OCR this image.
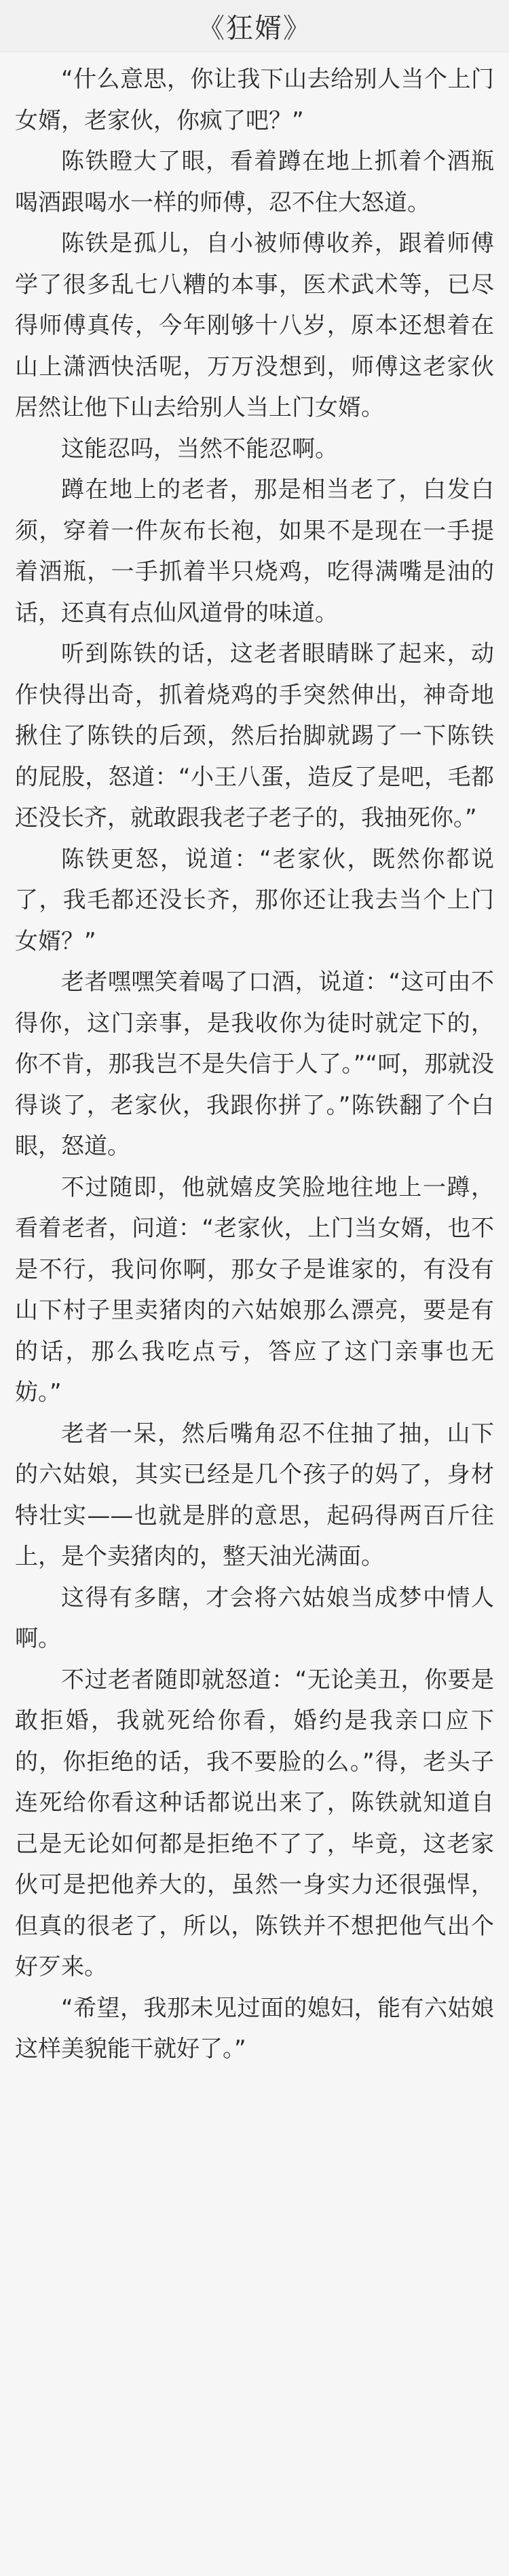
《狂婿》

“什么意思，你让我下山去给别人当个上门女婿，老家伙，你疯了吧？”

陈铁瞪大了眼，看着蹲在地上抓着个酒瓶喝酒跟喝水一样的师傅，忍不住大怒道。

陈铁是孤儿，自小被师傅收养，跟着师傅学了很多乱七八糟的本事，医术武术等，已尽得师傅真传，今年刚够十八岁，原本还想着在山上潇洒快活呢，万万没想到，师傅这老家伙居然让他下山去给别人当上门女婿。

这能忍吗，当然不能忍啊。

蹲在地上的老者，那是相当老了，白发白须，穿着一件灰布长袍，如果不是现在一手提着酒瓶，一手抓着半只烧鸡，吃得满嘴是油的话，还真有点仙风道骨的味道。

听到陈铁的话，这老者眼睛眯了起来，动作快得出奇，抓着烧鸡的手突然伸出，神奇地揪住了陈铁的后颈，然后抬脚就踢了一下陈铁的屁股，怒道：“小王八蛋，造反了是吧，毛都还没长齐，就敢跟我老子老子的，我抽死你。”

陈铁更怒，说道：“老家伙，既然你都说了，我毛都还没长齐，那你还让我去当个上门女婿？”

老者嘿嘿笑着喝了口酒，说道：“这可由不得你，这门亲事，是我收你为徒时就定下的，你不肯，那我岂不是失信于人了。”“呵，那就没得谈了，老家伙，我跟你拼了。”陈铁翻了个白眼，怒道。

不过随即，他就嬉皮笑脸地往地上一蹲，看着老者，问道：“老家伙，上门当女婿，也不是不行，我问你啊，那女子是谁家的，有没有山下村子里卖猪肉的六姑娘那么漂亮，要是有的话，那么我吃点亏，答应了这门亲事也无妨。”

老者一呆，然后嘴角忍不住抽了抽，山下的六姑娘，其实已经是几个孩子的妈了，身材特壮实——也就是胖的意思，起码得两百斤往上，是个卖猪肉的，整天油光满面。

这得有多瞎，才会将六姑娘当成梦中情人啊。

不过老者随即就怒道：“无论美丑，你要是敢拒婚，我就死给你看，婚约是我亲口应下的，你拒绝的话，我不要脸的么。”得，老头子连死给你看这种话都说出来了，陈铁就知道自己是无论如何都是拒绝不了了，毕竟，这老家伙可是把他养大的，虽然一身实力还很强悍，但真的很老了，所以，陈铁并不想把他气出个好歹来。

“希望，我那未见过面的媳妇，能有六姑娘这样美貌能干就好了。”
